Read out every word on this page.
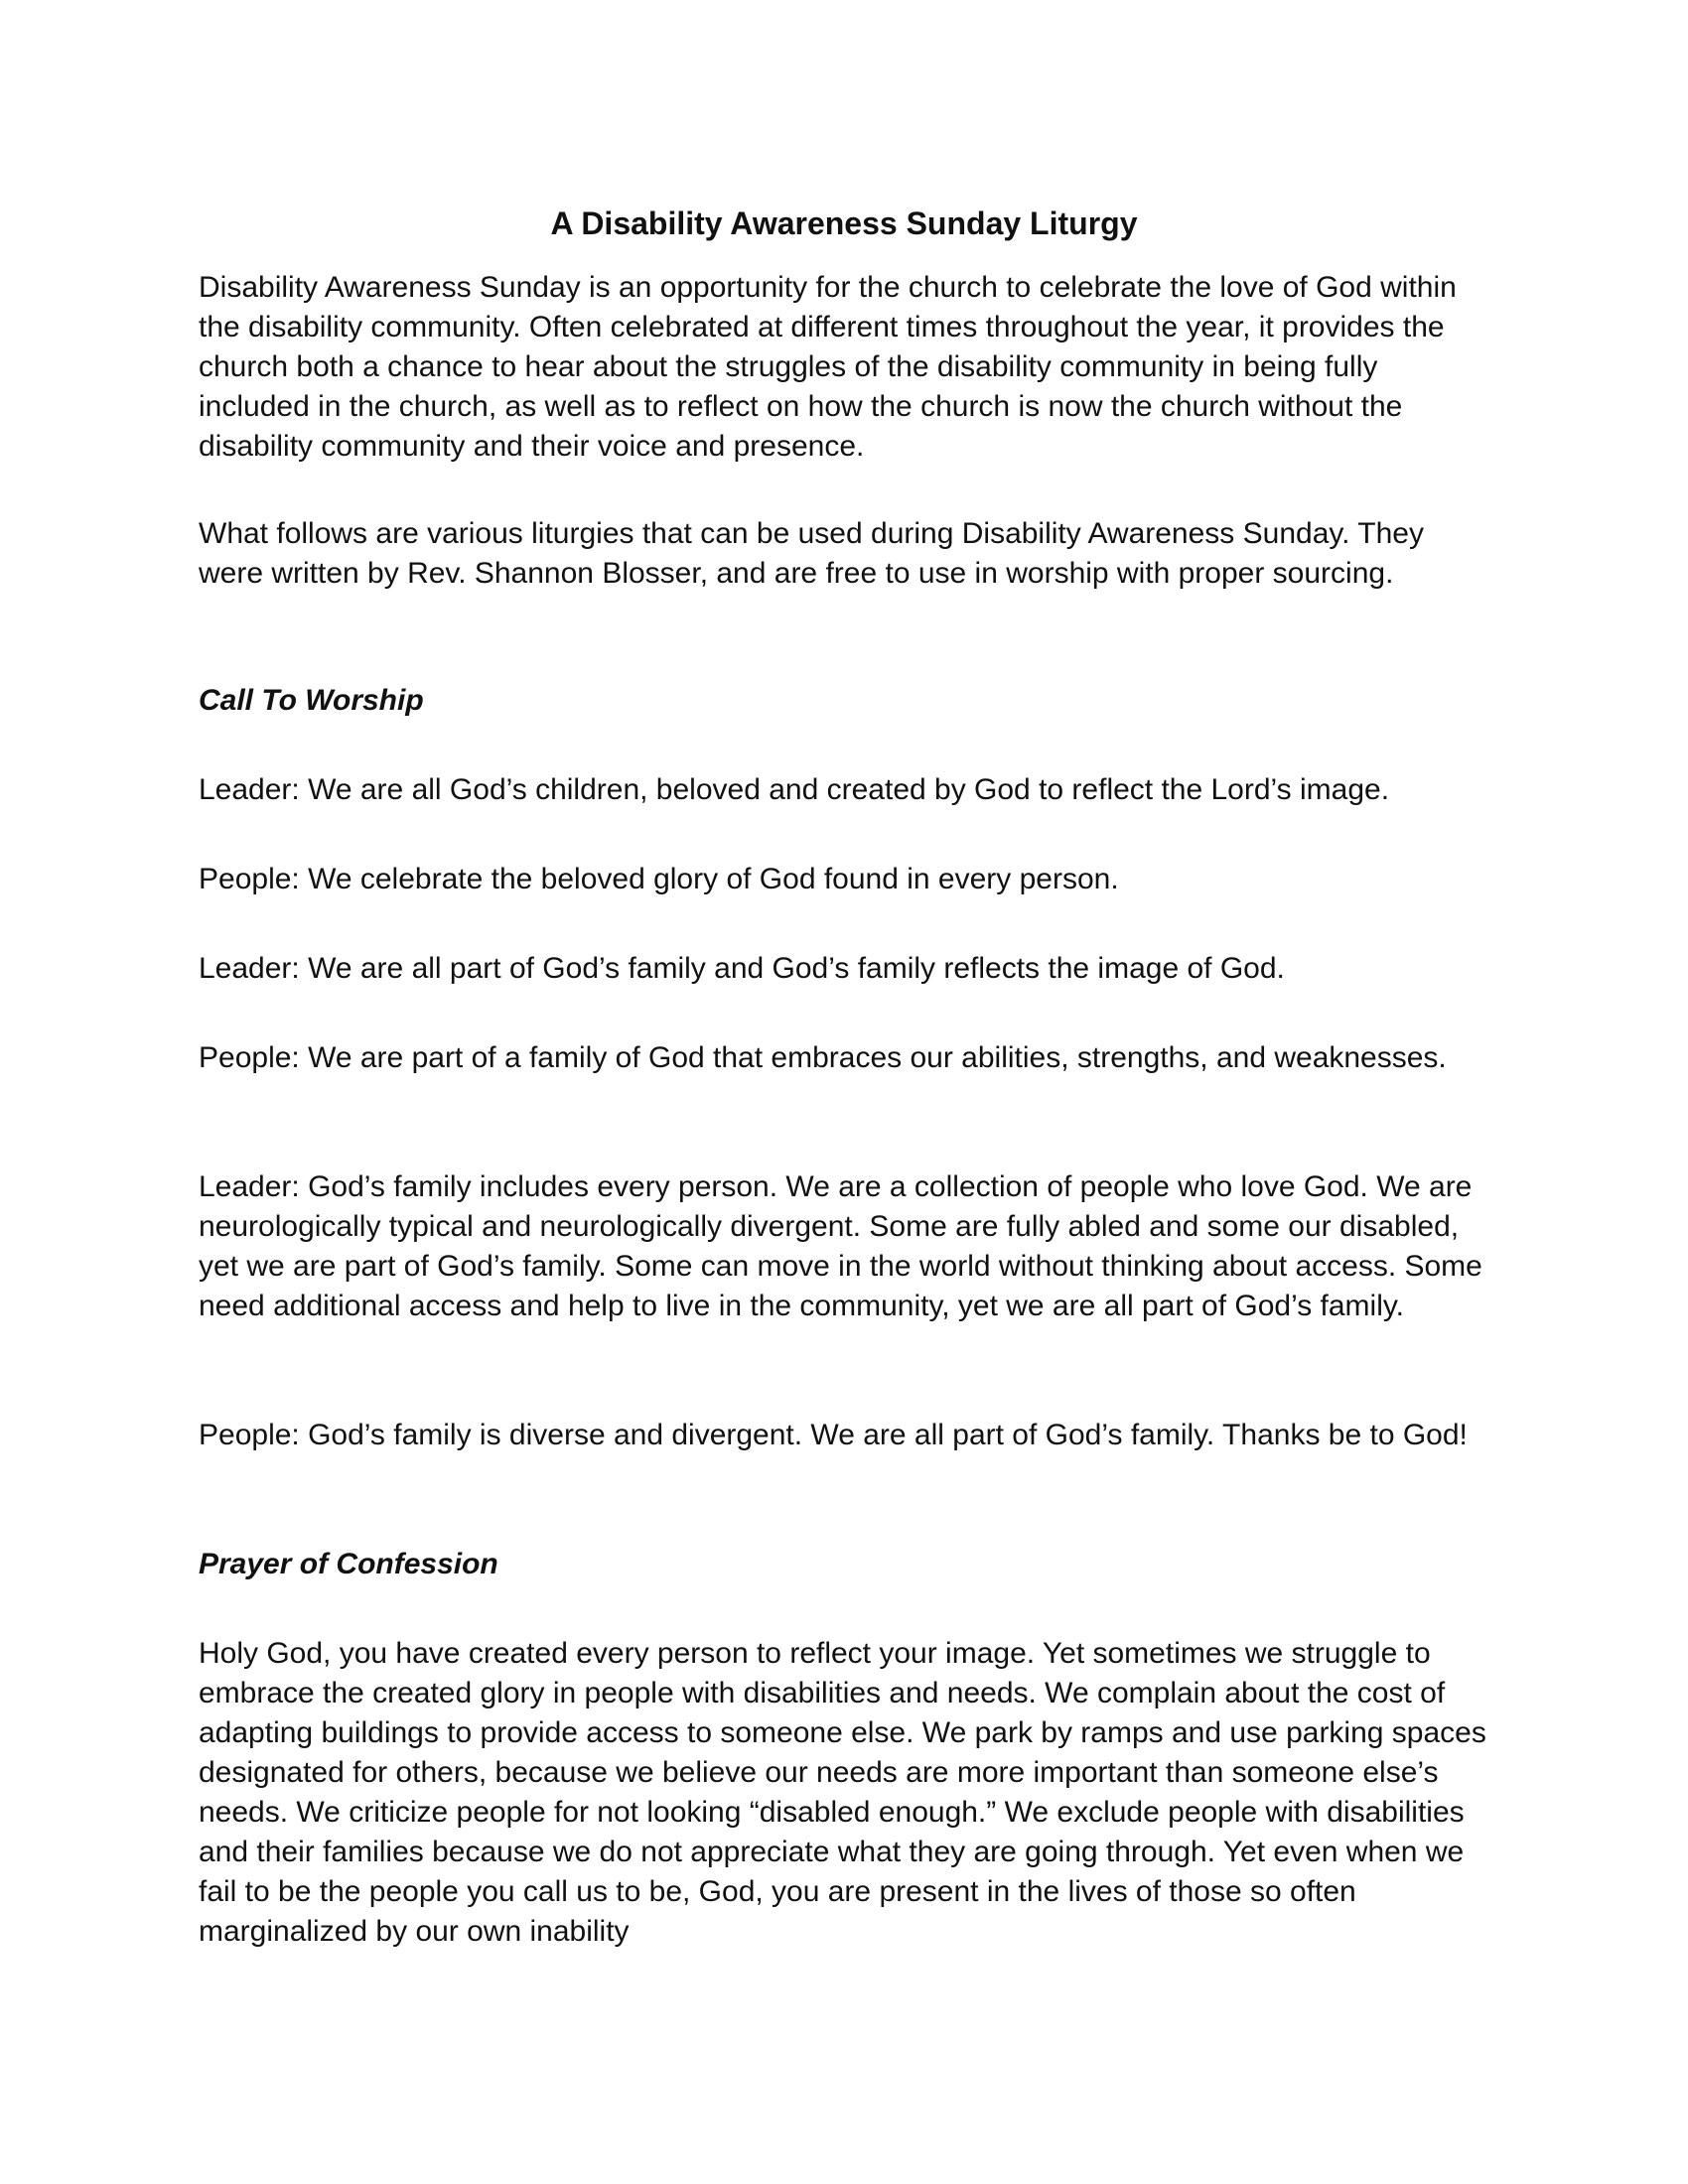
A Disability Awareness Sunday Liturgy

Disability Awareness Sunday is an opportunity for the church to celebrate the love of God within the disability community. Often celebrated at different times throughout the year, it provides the church both a chance to hear about the struggles of the disability community in being fully included in the church, as well as to reflect on how the church is now the church without the disability community and their voice and presence.

What follows are various liturgies that can be used during Disability Awareness Sunday. They were written by Rev. Shannon Blosser, and are free to use in worship with proper sourcing.

Call To Worship

Leader: We are all God’s children, beloved and created by God to reflect the Lord’s image.

People: We celebrate the beloved glory of God found in every person.

Leader: We are all part of God’s family and God’s family reflects the image of God.

People: We are part of a family of God that embraces our abilities, strengths, and weaknesses.

Leader: God’s family includes every person. We are a collection of people who love God. We are neurologically typical and neurologically divergent. Some are fully abled and some our disabled, yet we are part of God’s family. Some can move in the world without thinking about access. Some need additional access and help to live in the community, yet we are all part of God’s family.

People: God’s family is diverse and divergent. We are all part of God’s family. Thanks be to God!

Prayer of Confession

Holy God, you have created every person to reflect your image. Yet sometimes we struggle to embrace the created glory in people with disabilities and needs. We complain about the cost of adapting buildings to provide access to someone else. We park by ramps and use parking spaces designated for others, because we believe our needs are more important than someone else’s needs. We criticize people for not looking “disabled enough.” We exclude people with disabilities and their families because we do not appreciate what they are going through. Yet even when we fail to be the people you call us to be, God, you are present in the lives of those so often marginalized by our own inability
